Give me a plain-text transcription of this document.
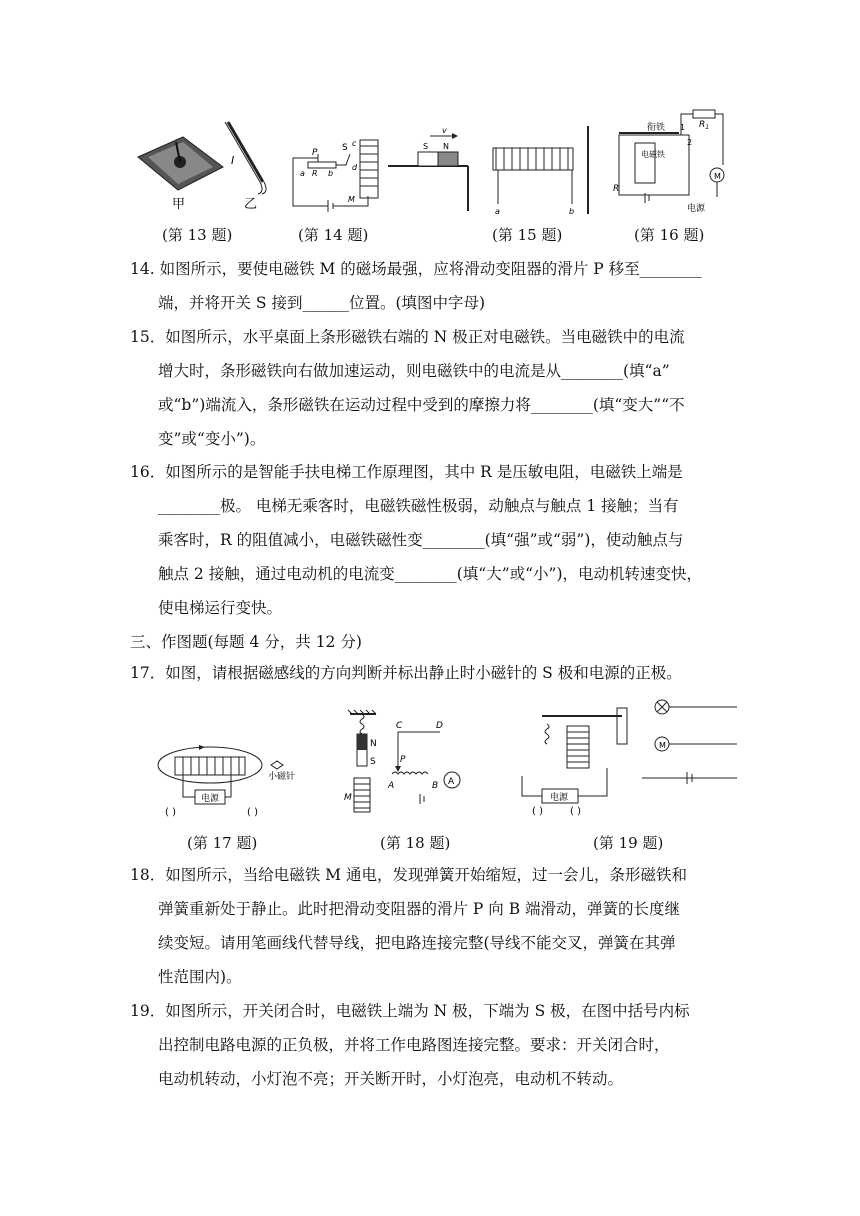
I
甲	乙
P	S
a R b
c
d
M
v
S N
a	b
M
衔铁 1
2
$R_1$
电磁铁
R
电源
(第 13 题)	(第 14 题)	(第 15 题)	(第 16 题)
14. 如图所示，要使电磁铁 M 的磁场最强，应将滑动变阻器的滑片 P 移至________
端，并将开关 S 接到______位置。(填图中字母)
15．如图所示，水平桌面上条形磁铁右端的 N 极正对电磁铁。当电磁铁中的电流
增大时，条形磁铁向右做加速运动，则电磁铁中的电流是从________(填“a”
或“b”)端流入，条形磁铁在运动过程中受到的摩擦力将________(填“变大”“不
变”或“变小”)。
16．如图所示的是智能手扶电梯工作原理图，其中 R 是压敏电阻，电磁铁上端是
________极。 电梯无乘客时，电磁铁磁性极弱，动触点与触点 1 接触；当有
乘客时，R 的阻值减小，电磁铁磁性变________(填“强”或“弱”)，使动触点与
触点 2 接触，通过电动机的电流变________(填“大”或“小”)，电动机转速变快，
使电梯运行变快。
三、作图题(每题 4 分，共 12 分)
17．如图，请根据磁感线的方向判断并标出静止时小磁针的 S 极和电源的正极。
电源
小磁针
( )	( )
N
S
M
C	D
P
A	B A
电源
( )	( )
M
(第 17 题)	(第 18 题)	(第 19 题)
18．如图所示，当给电磁铁 M 通电，发现弹簧开始缩短，过一会儿，条形磁铁和
弹簧重新处于静止。此时把滑动变阻器的滑片 P 向 B 端滑动，弹簧的长度继
续变短。请用笔画线代替导线，把电路连接完整(导线不能交叉，弹簧在其弹
性范围内)。
19．如图所示，开关闭合时，电磁铁上端为 N 极，下端为 S 极，在图中括号内标
出控制电路电源的正负极，并将工作电路图连接完整。要求：开关闭合时，
电动机转动，小灯泡不亮；开关断开时，小灯泡亮，电动机不转动。
